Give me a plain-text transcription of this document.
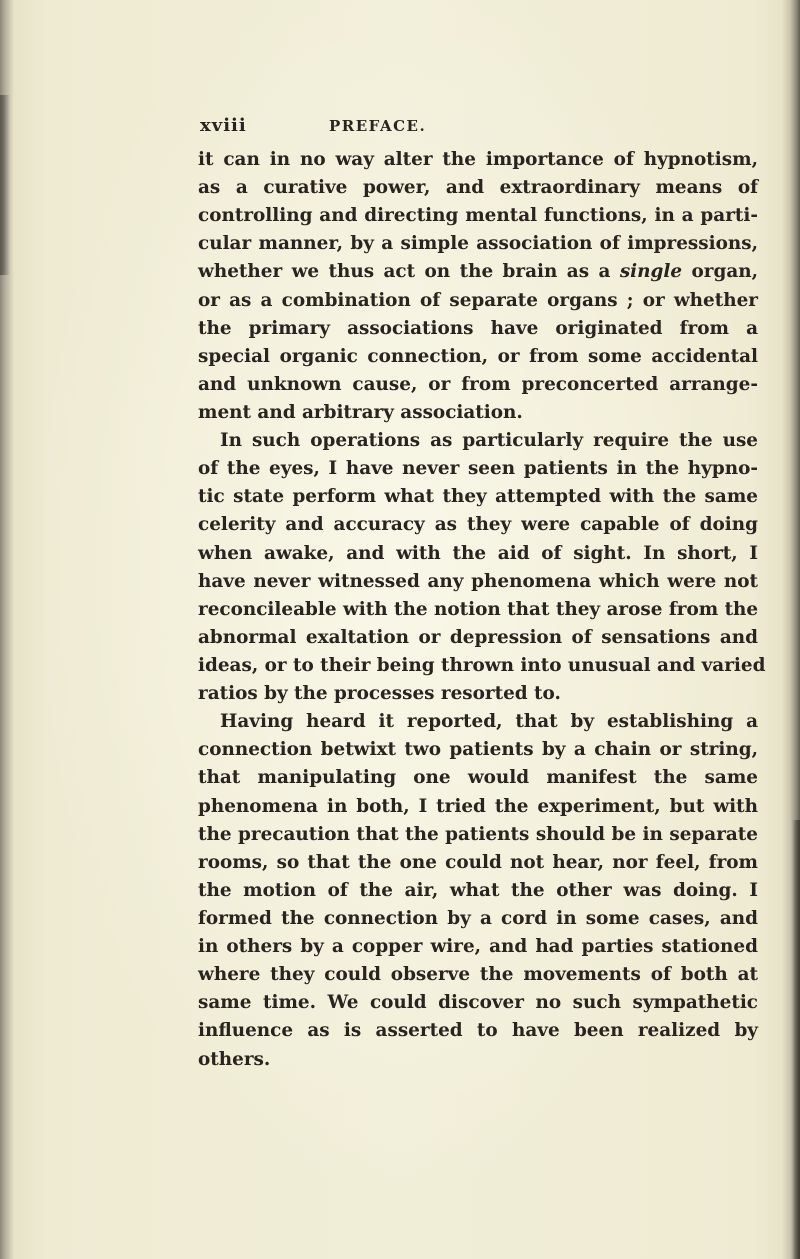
xviii	PREFACE.
it can in no way alter the importance of hypnotism,
as a curative power, and extraordinary means of
controlling and directing mental functions, in a parti-
cular manner, by a simple association of impressions,
whether we thus act on the brain as a single organ,
or as a combination of separate organs ; or whether
the primary associations have originated from a
special organic connection, or from some accidental
and unknown cause, or from preconcerted arrange-
ment and arbitrary association.
In such operations as particularly require the use
of the eyes, I have never seen patients in the hypno-
tic state perform what they attempted with the same
celerity and accuracy as they were capable of doing
when awake, and with the aid of sight. In short, I
have never witnessed any phenomena which were not
reconcileable with the notion that they arose from the
abnormal exaltation or depression of sensations and
ideas, or to their being thrown into unusual and varied
ratios by the processes resorted to.
Having heard it reported, that by establishing a
connection betwixt two patients by a chain or string,
that manipulating one would manifest the same
phenomena in both, I tried the experiment, but with
the precaution that the patients should be in separate
rooms, so that the one could not hear, nor feel, from
the motion of the air, what the other was doing. I
formed the connection by a cord in some cases, and
in others by a copper wire, and had parties stationed
where they could observe the movements of both at
same time. We could discover no such sympathetic
influence as is asserted to have been realized by
others.
